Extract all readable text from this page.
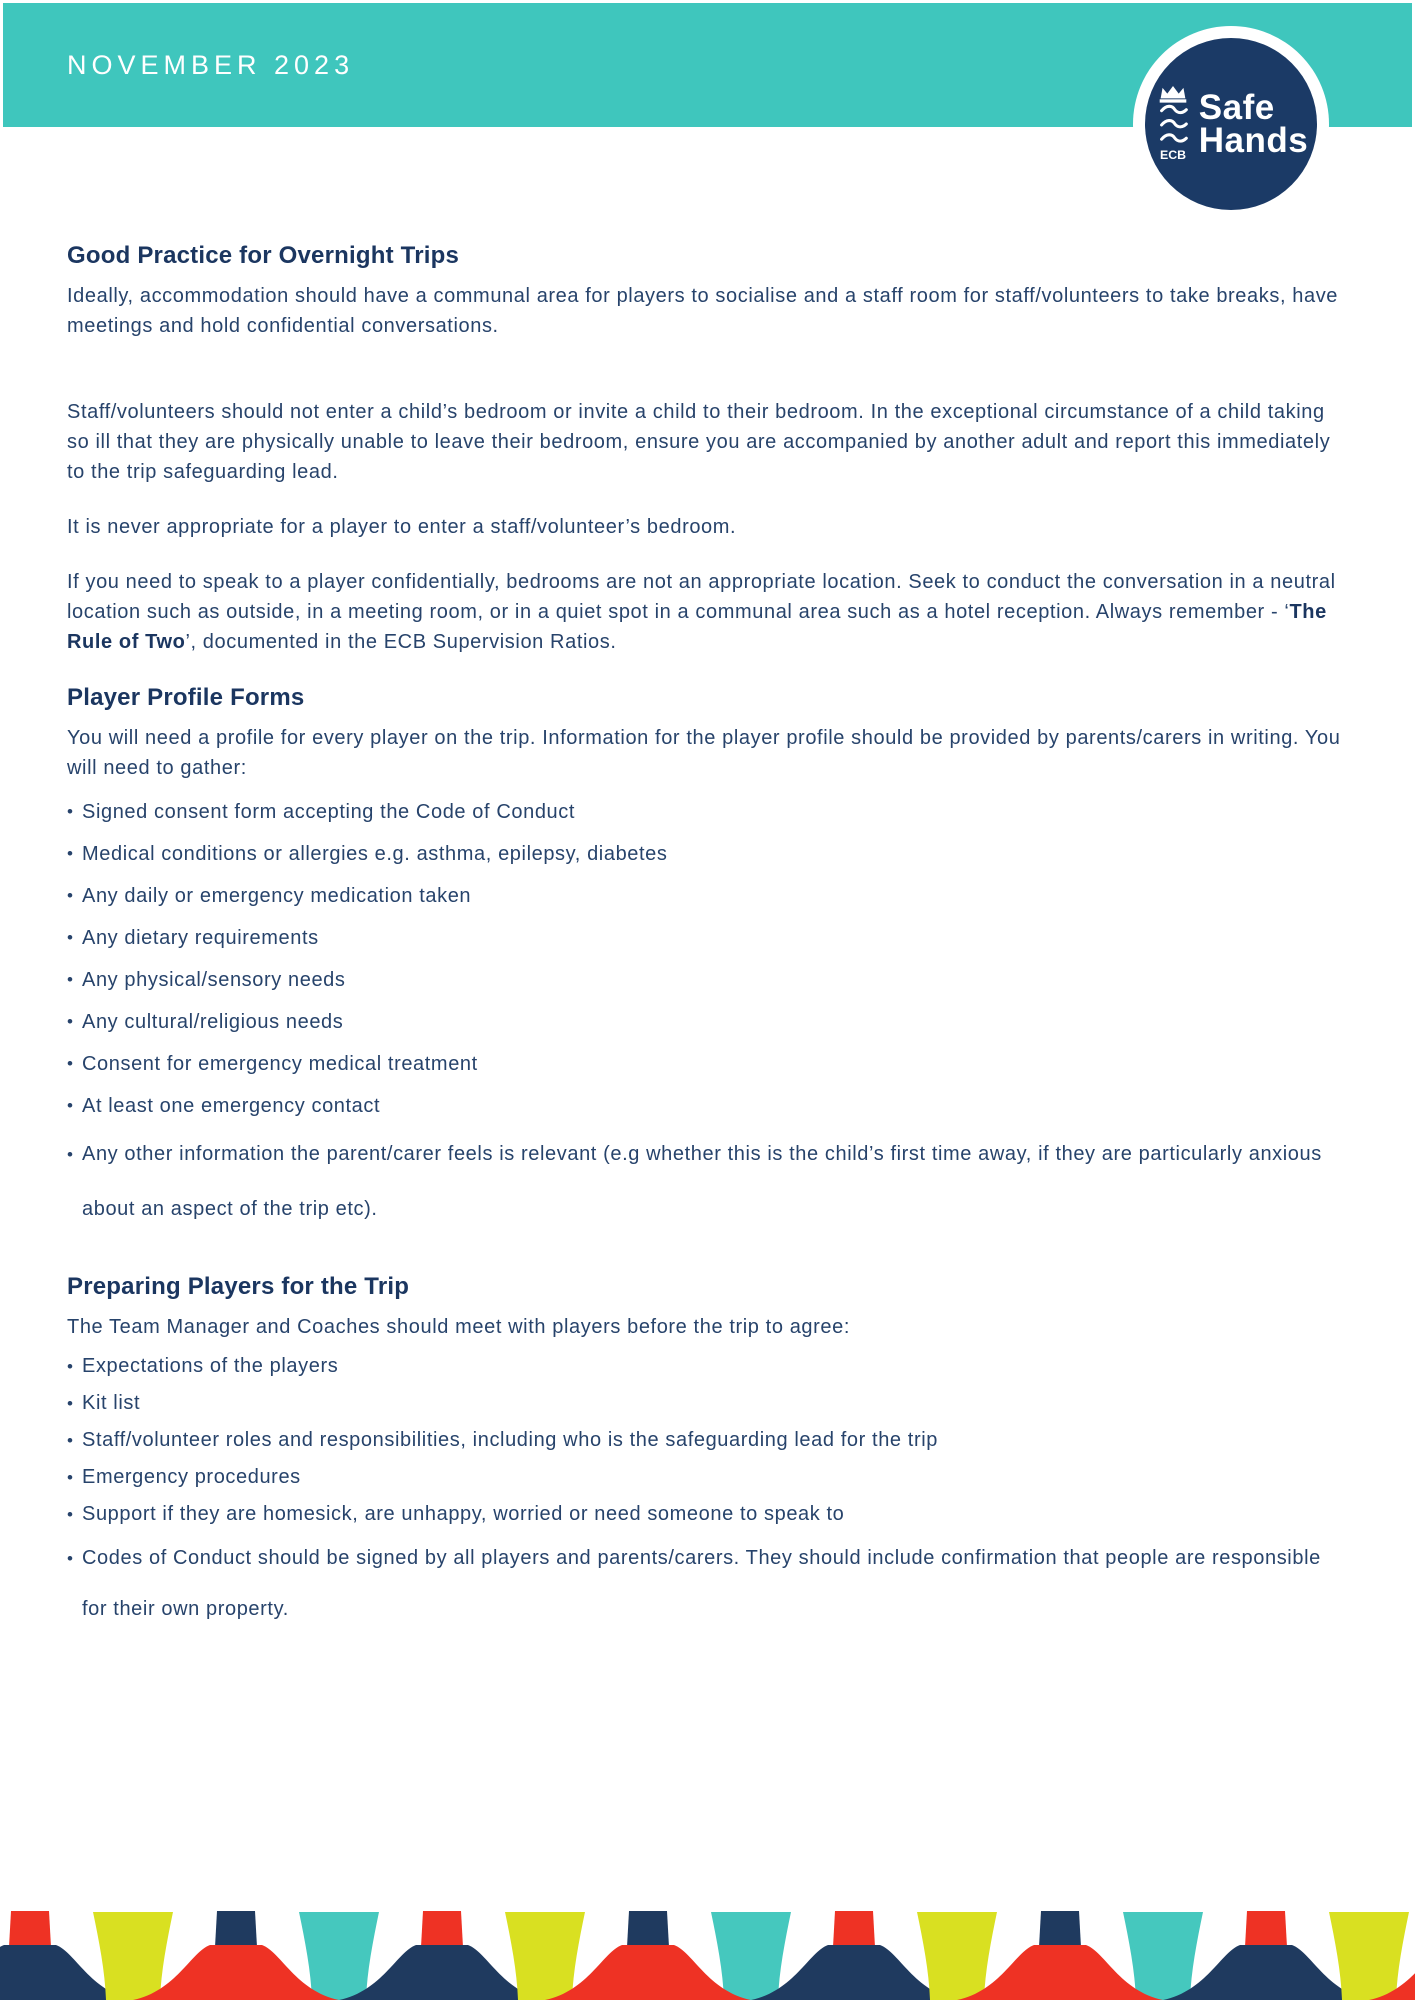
NOVEMBER 2023
ECB
Safe
Hands
Good Practice for Overnight Trips

Ideally, accommodation should have a communal area for players to socialise and a staff room for staff/volunteers to take breaks, have meetings and hold confidential conversations.

Staff/volunteers should not enter a child’s bedroom or invite a child to their bedroom. In the exceptional circumstance of a child taking so ill that they are physically unable to leave their bedroom, ensure you are accompanied by another adult and report this immediately to the trip safeguarding lead.

It is never appropriate for a player to enter a staff/volunteer’s bedroom.

If you need to speak to a player confidentially, bedrooms are not an appropriate location. Seek to conduct the conversation in a neutral location such as outside, in a meeting room, or in a quiet spot in a communal area such as a hotel reception. Always remember - ‘The Rule of Two’, documented in the ECB Supervision Ratios.

Player Profile Forms

You will need a profile for every player on the trip. Information for the player profile should be provided by parents/carers in writing. You will need to gather:

• Signed consent form accepting the Code of Conduct
• Medical conditions or allergies e.g. asthma, epilepsy, diabetes
• Any daily or emergency medication taken
• Any dietary requirements
• Any physical/sensory needs
• Any cultural/religious needs
• Consent for emergency medical treatment
• At least one emergency contact
• Any other information the parent/carer feels is relevant (e.g whether this is the child’s first time away, if they are particularly anxious about an aspect of the trip etc).
Preparing Players for the Trip

The Team Manager and Coaches should meet with players before the trip to agree:

• Expectations of the players
• Kit list
• Staff/volunteer roles and responsibilities, including who is the safeguarding lead for the trip
• Emergency procedures
• Support if they are homesick, are unhappy, worried or need someone to speak to
• Codes of Conduct should be signed by all players and parents/carers. They should include confirmation that people are responsible for their own property.
